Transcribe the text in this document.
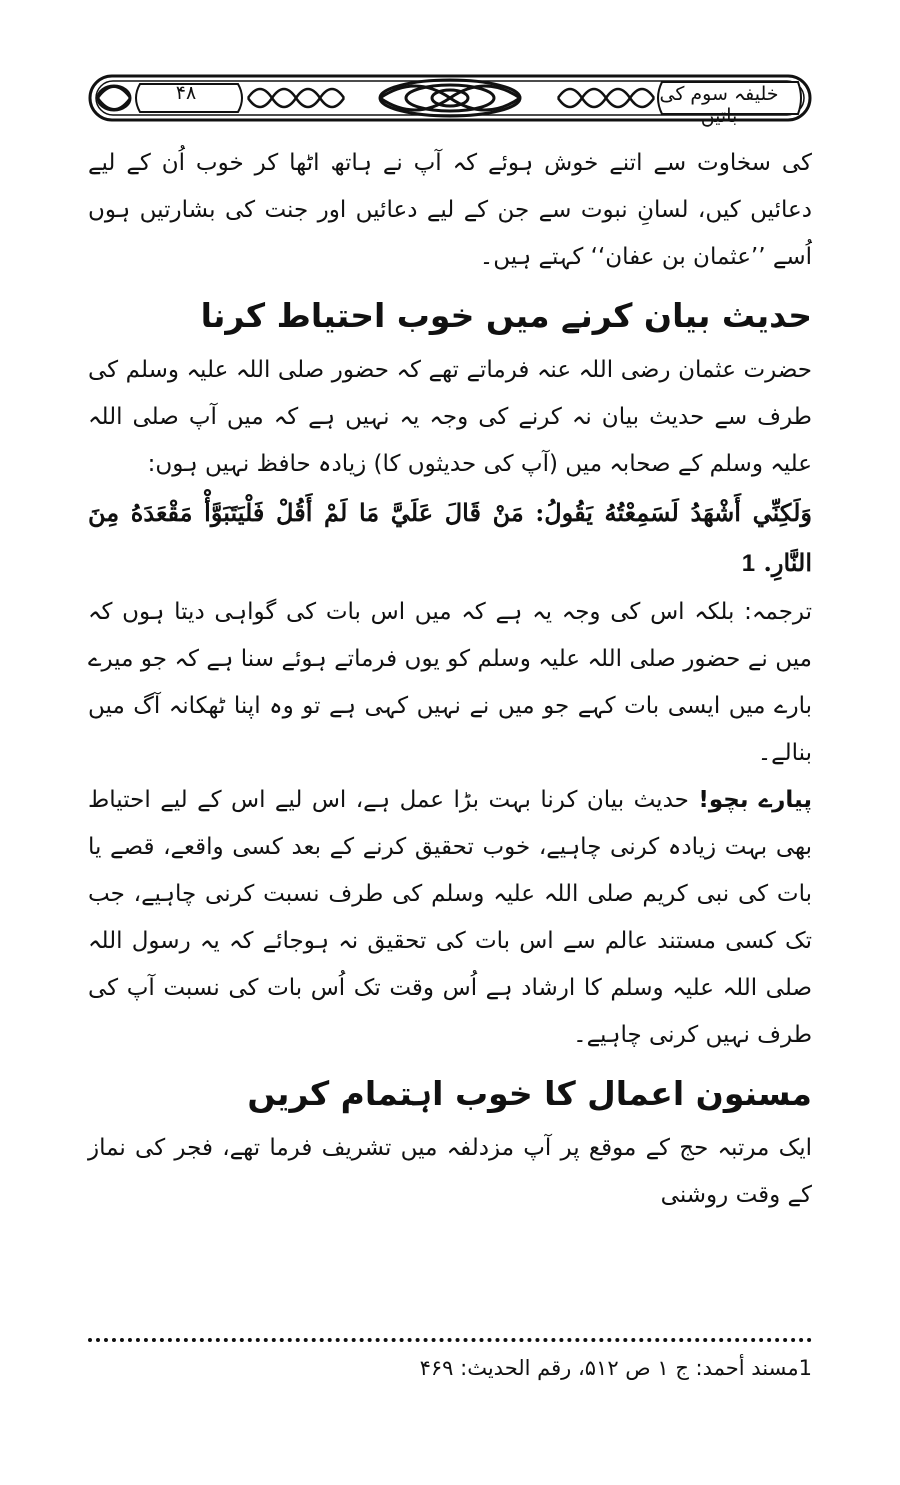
۴۸	خلیفہ سوم کی باتیں

کی سخاوت سے اتنے خوش ہوئے کہ آپ نے ہاتھ اٹھا کر خوب اُن کے لیے دعائیں کیں، لسانِ نبوت سے جن کے لیے دعائیں اور جنت کی بشارتیں ہوں اُسے ’’عثمان بن عفان‘‘ کہتے ہیں۔

حدیث بیان کرنے میں خوب احتیاط کرنا

حضرت عثمان رضی اللہ عنہ فرماتے تھے کہ حضور صلی اللہ علیہ وسلم کی طرف سے حدیث بیان نہ کرنے کی وجہ یہ نہیں ہے کہ میں آپ صلی اللہ علیہ وسلم کے صحابہ میں (آپ کی حدیثوں کا) زیادہ حافظ نہیں ہوں:

وَلَكِنِّي أَشْهَدُ لَسَمِعْتُهُ يَقُولُ: مَنْ قَالَ عَلَيَّ مَا لَمْ أَقُلْ فَلْيَتَبَوَّأْ مَقْعَدَهُ مِنَ النَّارِ. 1

ترجمہ: بلکہ اس کی وجہ یہ ہے کہ میں اس بات کی گواہی دیتا ہوں کہ میں نے حضور صلی اللہ علیہ وسلم کو یوں فرماتے ہوئے سنا ہے کہ جو میرے بارے میں ایسی بات کہے جو میں نے نہیں کہی ہے تو وہ اپنا ٹھکانہ آگ میں بنالے۔

پیارے بچو! حدیث بیان کرنا بہت بڑا عمل ہے، اس لیے اس کے لیے احتیاط بھی بہت زیادہ کرنی چاہیے، خوب تحقیق کرنے کے بعد کسی واقعے، قصے یا بات کی نبی کریم صلی اللہ علیہ وسلم کی طرف نسبت کرنی چاہیے، جب تک کسی مستند عالم سے اس بات کی تحقیق نہ ہوجائے کہ یہ رسول اللہ صلی اللہ علیہ وسلم کا ارشاد ہے اُس وقت تک اُس بات کی نسبت آپ کی طرف نہیں کرنی چاہیے۔

مسنون اعمال کا خوب اہتمام کریں

ایک مرتبہ حج کے موقع پر آپ مزدلفہ میں تشریف فرما تھے، فجر کی نماز کے وقت روشنی

1مسند أحمد: ج ۱ ص ۵۱۲، رقم الحديث: ۴۶۹
